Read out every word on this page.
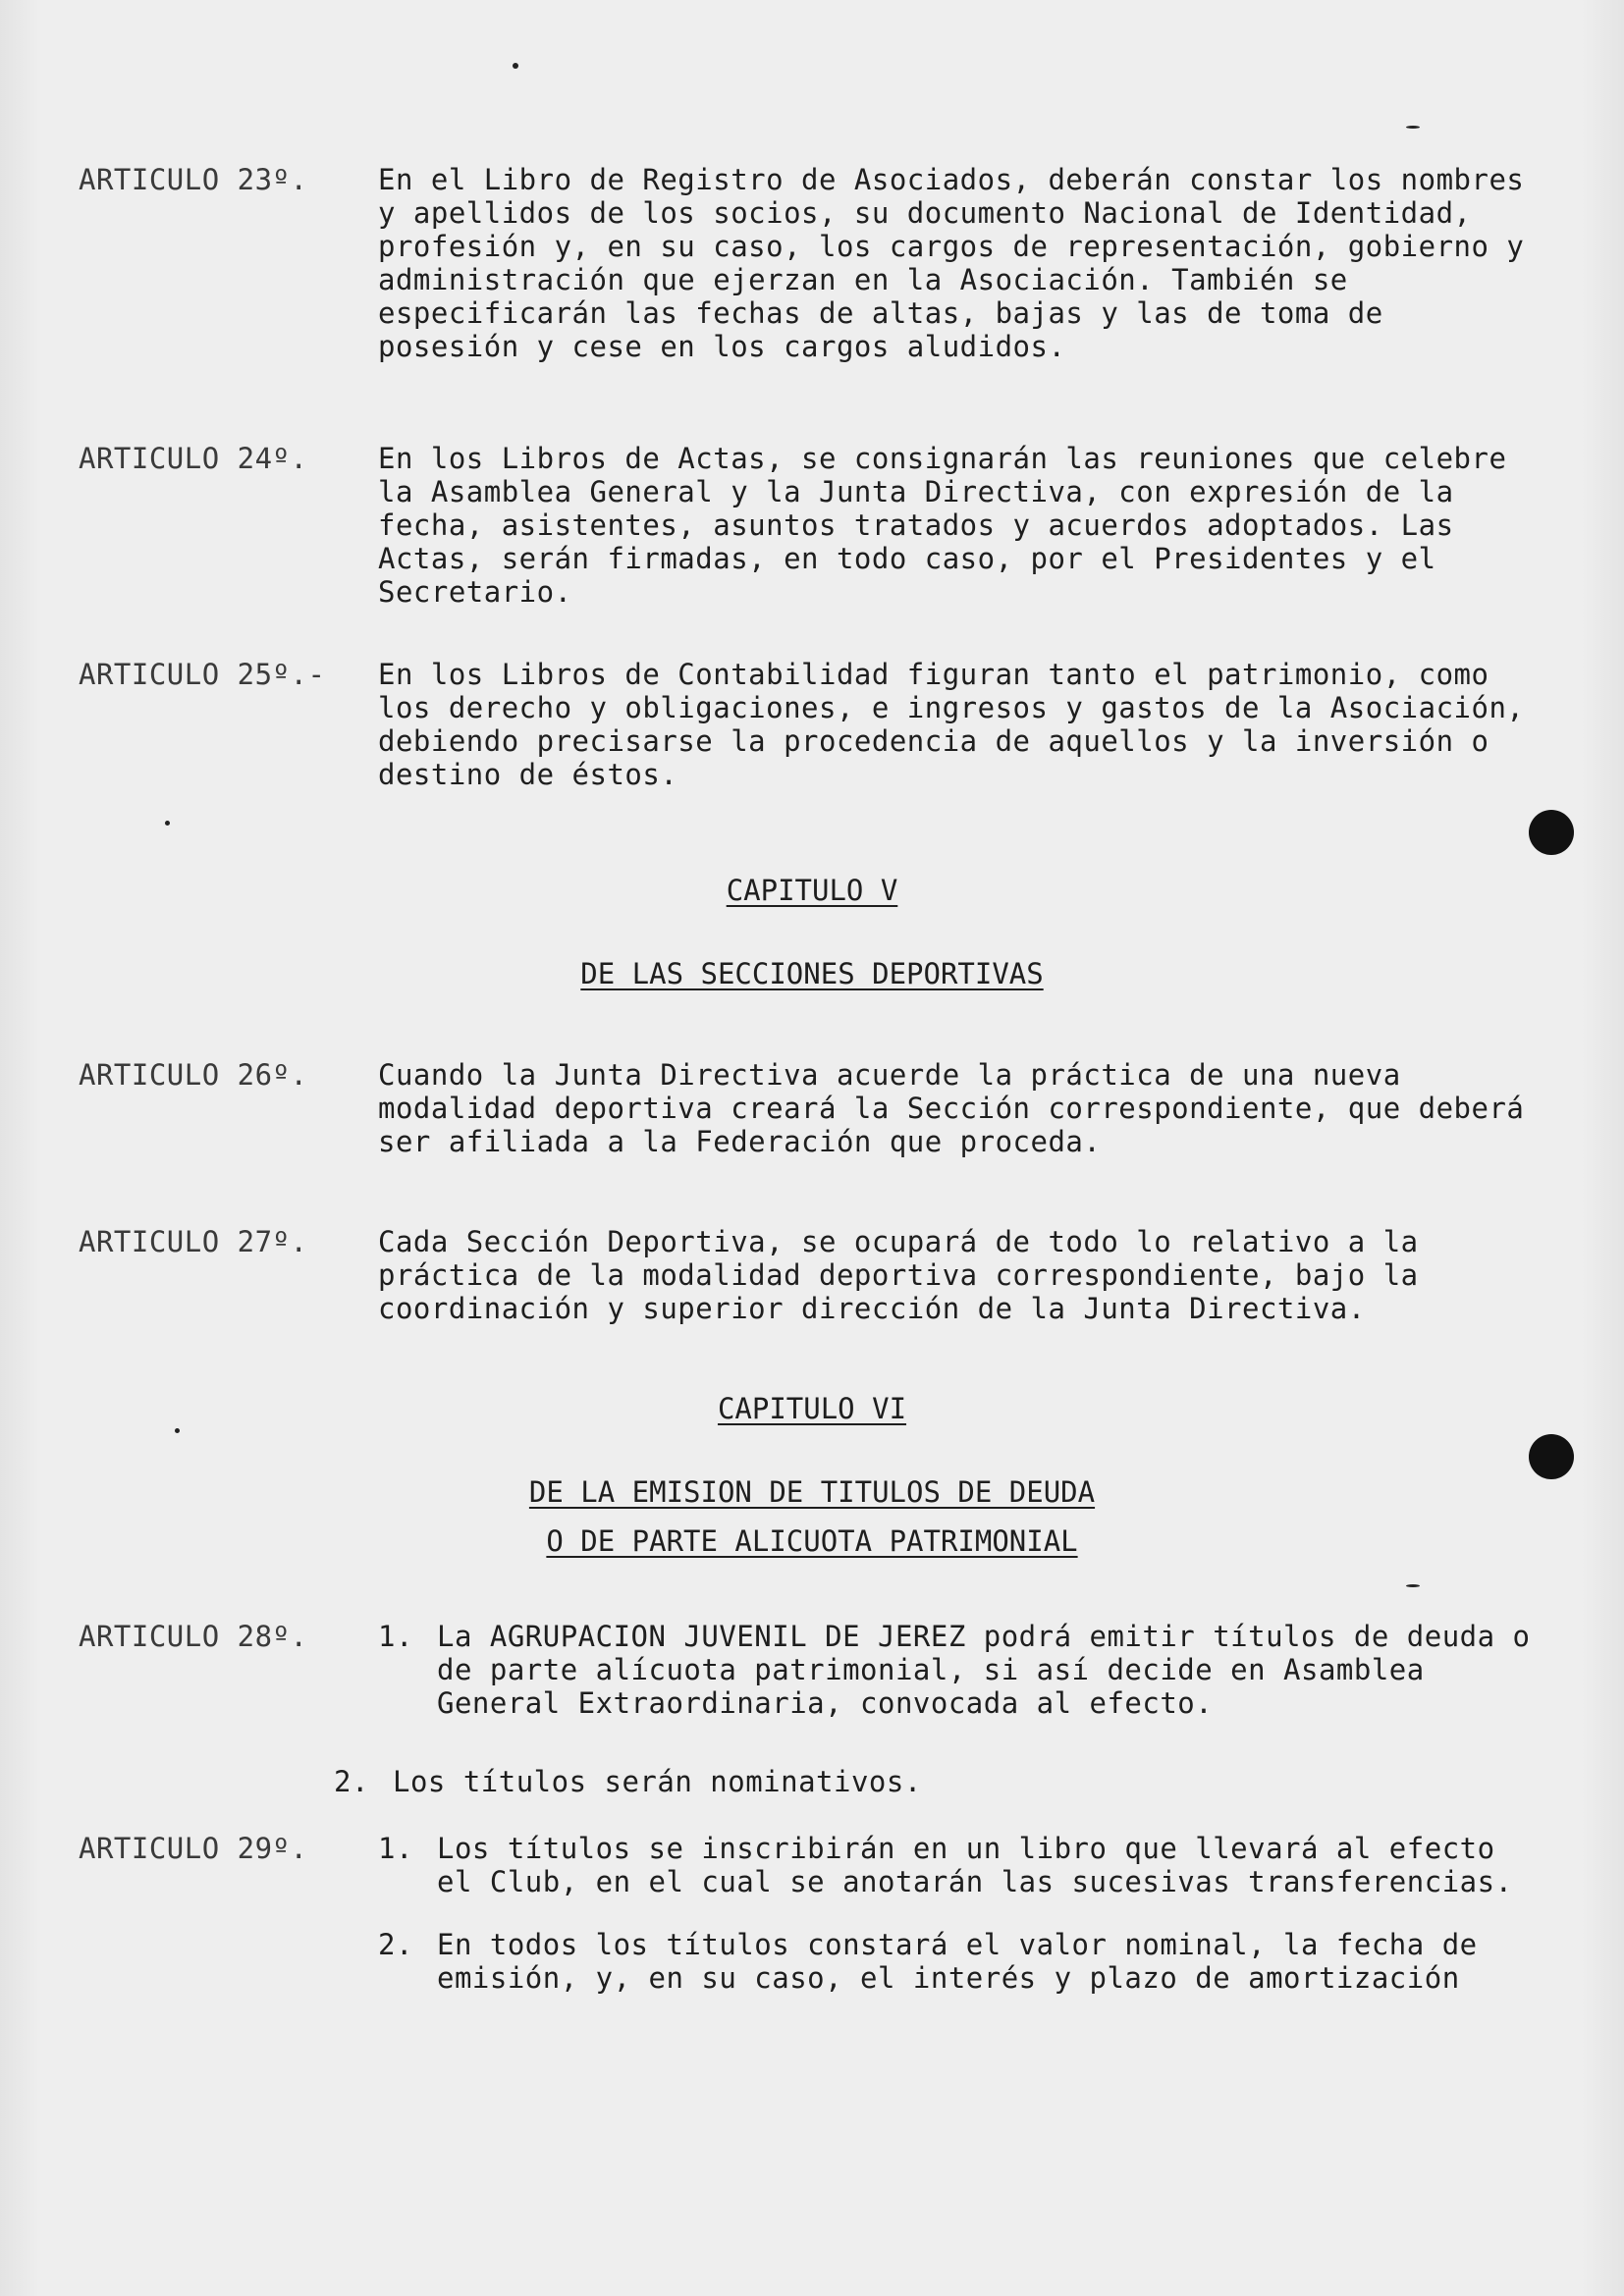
ARTICULO 23º.	En el Libro de Registro de Asociados, deberán constar los nombres y apellidos de los socios, su documento Nacional de Identidad, profesión y, en su caso, los cargos de representación, gobierno y administración que ejerzan en la Asociación. También se especificarán las fechas de altas, bajas y las de toma de posesión y cese en los cargos aludidos.
ARTICULO 24º.	En los Libros de Actas, se consignarán las reuniones que celebre la Asamblea General y la Junta Directiva, con expresión de la fecha, asistentes, asuntos tratados y acuerdos adoptados. Las Actas, serán firmadas, en todo caso, por el Presidentes y el Secretario.
ARTICULO 25º.-	En los Libros de Contabilidad figuran tanto el patrimonio, como los derecho y obligaciones, e ingresos y gastos de la Asociación, debiendo precisarse la procedencia de aquellos y la inversión o destino de éstos.
CAPITULO V
DE LAS SECCIONES DEPORTIVAS
ARTICULO 26º.	Cuando la Junta Directiva acuerde la práctica de una nueva modalidad deportiva creará la Sección correspondiente, que deberá ser afiliada a la Federación que proceda.
ARTICULO 27º.	Cada Sección Deportiva, se ocupará de todo lo relativo a la práctica de la modalidad deportiva correspondiente, bajo la coordinación y superior dirección de la Junta Directiva.
CAPITULO VI
DE LA EMISION DE TITULOS DE DEUDA
O DE PARTE ALICUOTA PATRIMONIAL
ARTICULO 28º.	1. La AGRUPACION JUVENIL DE JEREZ podrá emitir títulos de deuda o de parte alícuota patrimonial, si así decide en Asamblea General Extraordinaria, convocada al efecto.
2. Los títulos serán nominativos.
ARTICULO 29º.	1. Los títulos se inscribirán en un libro que llevará al efecto el Club, en el cual se anotarán las sucesivas transferencias.
2. En todos los títulos constará el valor nominal, la fecha de emisión, y, en su caso, el interés y plazo de amortización
